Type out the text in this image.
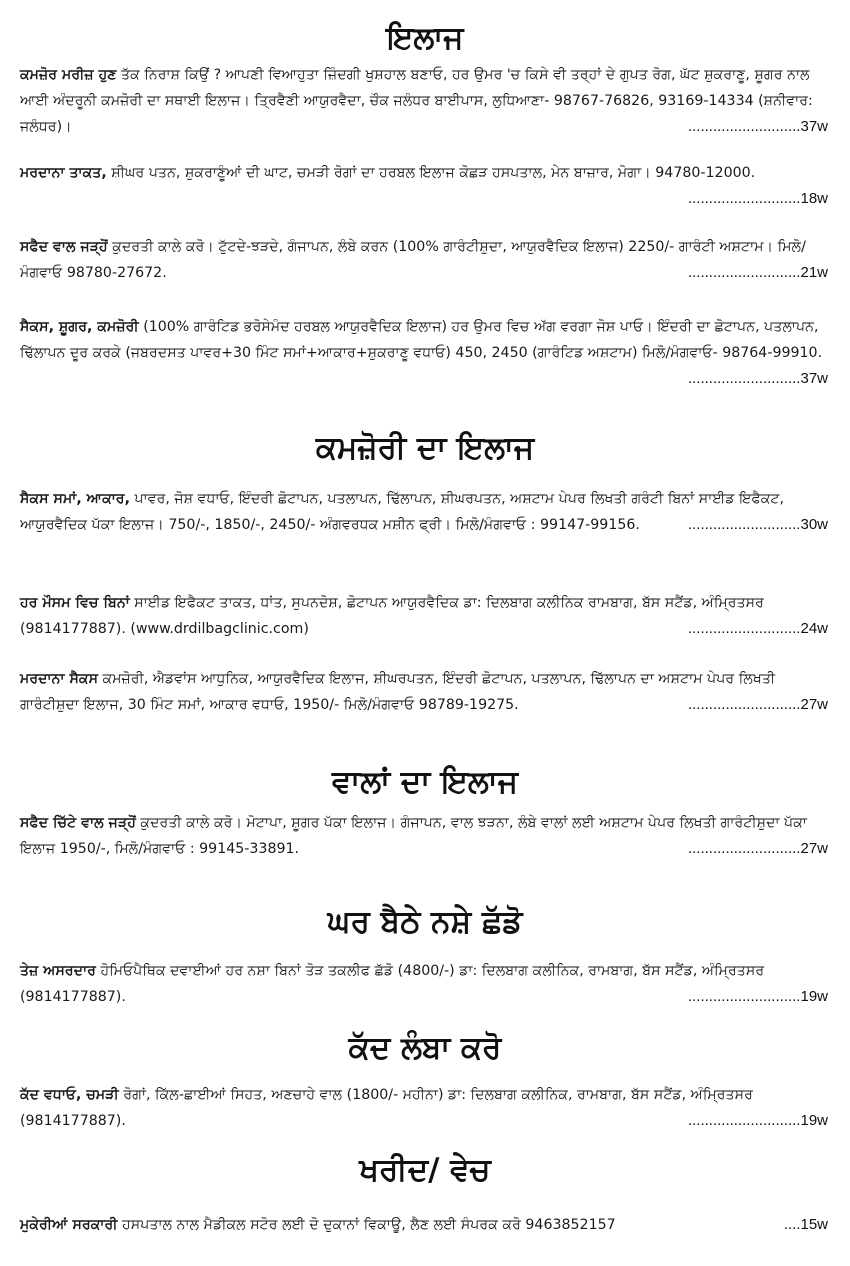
ਇਲਾਜ
ਕਮਜ਼ੋਰ ਮਰੀਜ਼ ਹੁਣ ਤੱਕ ਨਿਰਾਸ਼ ਕਿਉਂ ? ਆਪਣੀ ਵਿਆਹੁਤਾ ਜ਼ਿੰਦਗੀ ਖੁਸ਼ਹਾਲ ਬਣਾਓ, ਹਰ ਉਮਰ 'ਚ ਕਿਸੇ ਵੀ ਤਰ੍ਹਾਂ ਦੇ ਗੁਪਤ ਰੋਗ, ਘੱਟ ਸ਼ੁਕਰਾਣੂ, ਸ਼ੂਗਰ ਨਾਲ ਆਈ ਅੰਦਰੂਨੀ ਕਮਜ਼ੋਰੀ ਦਾ ਸਥਾਈ ਇਲਾਜ। ਤ੍ਰਿਵੈਣੀ ਆਯੁਰਵੈਦਾ, ਚੌਕ ਜਲੰਧਰ ਬਾਈਪਾਸ, ਲੁਧਿਆਣਾ- 98767-76826, 93169-14334 (ਸ਼ਨੀਵਾਰ: ਜਲੰਧਰ)।	...........................37w
ਮਰਦਾਨਾ ਤਾਕਤ, ਸ਼ੀਘਰ ਪਤਨ, ਸ਼ੁਕਰਾਣੂੰਆਂ ਦੀ ਘਾਟ, ਚਮੜੀ ਰੋਗਾਂ ਦਾ ਹਰਬਲ ਇਲਾਜ ਕੋਛੜ ਹਸਪਤਾਲ, ਮੇਨ ਬਾਜ਼ਾਰ, ਮੋਗਾ। 94780-12000.
...........................18w
ਸਫੈਦ ਵਾਲ ਜੜ੍ਹੋਂ ਕੁਦਰਤੀ ਕਾਲੇ ਕਰੋ। ਟੁੱਟਦੇ-ਝੜਦੇ, ਗੰਜਾਪਨ, ਲੰਬੇ ਕਰਨ (100% ਗਾਰੰਟੀਸ਼ੁਦਾ, ਆਯੁਰਵੈਦਿਕ ਇਲਾਜ) 2250/- ਗਾਰੰਟੀ ਅਸ਼ਟਾਮ। ਮਿਲੋ/ਮੰਗਵਾਓ 98780-27672.	...........................21w
ਸੈਕਸ, ਸ਼ੂਗਰ, ਕਮਜ਼ੋਰੀ (100% ਗਾਰੰਟਿਡ ਭਰੋਸੇਮੰਦ ਹਰਬਲ ਆਯੁਰਵੈਦਿਕ ਇਲਾਜ) ਹਰ ਉਮਰ ਵਿਚ ਅੱਗ ਵਰਗਾ ਜੋਸ਼ ਪਾਓ। ਇੰਦਰੀ ਦਾ ਛੋਟਾਪਨ, ਪਤਲਾਪਨ, ਢਿੱਲਾਪਨ ਦੂਰ ਕਰਕੇ (ਜਬਰਦਸਤ ਪਾਵਰ+30 ਮਿੰਟ ਸਮਾਂ+ਆਕਾਰ+ਸ਼ੁਕਰਾਣੂ ਵਧਾਓ) 450, 2450 (ਗਾਰੰਟਿਡ ਅਸ਼ਟਾਮ) ਮਿਲੋ/ਮੰਗਵਾਓ- 98764-99910.
...........................37w
ਕਮਜ਼ੋਰੀ ਦਾ ਇਲਾਜ
ਸੈਕਸ ਸਮਾਂ, ਆਕਾਰ, ਪਾਵਰ, ਜੋਸ਼ ਵਧਾਓ, ਇੰਦਰੀ ਛੋਟਾਪਨ, ਪਤਲਾਪਨ, ਢਿੱਲਾਪਨ, ਸ਼ੀਘਰਪਤਨ, ਅਸ਼ਟਾਮ ਪੇਪਰ ਲਿਖਤੀ ਗਰੰਟੀ ਬਿਨਾਂ ਸਾਈਡ ਇਫੈਕਟ, ਆਯੁਰਵੈਦਿਕ ਪੱਕਾ ਇਲਾਜ। 750/-, 1850/-, 2450/- ਅੰਗਵਰਧਕ ਮਸ਼ੀਨ ਫ੍ਰੀ। ਮਿਲੋ/ਮੰਗਵਾਓ : 99147-99156.	...........................30w
ਹਰ ਮੌਸਮ ਵਿਚ ਬਿਨਾਂ ਸਾਈਡ ਇਫੈਕਟ ਤਾਕਤ, ਧਾਂਤ, ਸੁਪਨਦੋਸ਼, ਛੋਟਾਪਨ ਆਯੁਰਵੈਦਿਕ ਡਾ: ਦਿਲਬਾਗ ਕਲੀਨਿਕ ਰਾਮਬਾਗ, ਬੱਸ ਸਟੈਂਡ, ਅੰਮ੍ਰਿਤਸਰ (9814177887). (www.drdilbagclinic.com)	...........................24w
ਮਰਦਾਨਾ ਸੈਕਸ ਕਮਜ਼ੋਰੀ, ਐਡਵਾਂਸ ਆਧੁਨਿਕ, ਆਯੁਰਵੈਦਿਕ ਇਲਾਜ, ਸ਼ੀਘਰਪਤਨ, ਇੰਦਰੀ ਛੋਟਾਪਨ, ਪਤਲਾਪਨ, ਢਿੱਲਾਪਨ ਦਾ ਅਸ਼ਟਾਮ ਪੇਪਰ ਲਿਖਤੀ ਗਾਰੰਟੀਸ਼ੁਦਾ ਇਲਾਜ, 30 ਮਿੰਟ ਸਮਾਂ, ਆਕਾਰ ਵਧਾਓ, 1950/- ਮਿਲੋ/ਮੰਗਵਾਓ 98789-19275.	...........................27w
ਵਾਲਾਂ ਦਾ ਇਲਾਜ
ਸਫੈਦ ਚਿੱਟੇ ਵਾਲ ਜੜ੍ਹੋਂ ਕੁਦਰਤੀ ਕਾਲੇ ਕਰੋ। ਮੋਟਾਪਾ, ਸ਼ੂਗਰ ਪੱਕਾ ਇਲਾਜ। ਗੰਜਾਪਨ, ਵਾਲ ਝੜਨਾ, ਲੰਬੇ ਵਾਲਾਂ ਲਈ ਅਸ਼ਟਾਮ ਪੇਪਰ ਲਿਖਤੀ ਗਾਰੰਟੀਸ਼ੁਦਾ ਪੱਕਾ ਇਲਾਜ 1950/-, ਮਿਲੋ/ਮੰਗਵਾਓ : 99145-33891.	...........................27w
ਘਰ ਬੈਠੇ ਨਸ਼ੇ ਛੱਡੋ
ਤੇਜ਼ ਅਸਰਦਾਰ ਹੋਮਿਓਪੈਥਿਕ ਦਵਾਈਆਂ ਹਰ ਨਸ਼ਾ ਬਿਨਾਂ ਤੋੜ ਤਕਲੀਫ ਛੱਡੋ (4800/-) ਡਾ: ਦਿਲਬਾਗ ਕਲੀਨਿਕ, ਰਾਮਬਾਗ, ਬੱਸ ਸਟੈਂਡ, ਅੰਮ੍ਰਿਤਸਰ (9814177887).	...........................19w
ਕੱਦ ਲੰਬਾ ਕਰੋ
ਕੱਦ ਵਧਾਓ, ਚਮੜੀ ਰੋਗਾਂ, ਕਿੱਲ-ਛਾਈਆਂ ਸਿਹਤ, ਅਣਚਾਹੇ ਵਾਲ (1800/- ਮਹੀਨਾ) ਡਾ: ਦਿਲਬਾਗ ਕਲੀਨਿਕ, ਰਾਮਬਾਗ, ਬੱਸ ਸਟੈਂਡ, ਅੰਮ੍ਰਿਤਸਰ (9814177887).	...........................19w
ਖਰੀਦ/ ਵੇਚ
ਮੁਕੇਰੀਆਂ ਸਰਕਾਰੀ ਹਸਪਤਾਲ ਨਾਲ ਮੈਡੀਕਲ ਸਟੋਰ ਲਈ ਦੋ ਦੁਕਾਨਾਂ ਵਿਕਾਊ, ਲੈਣ ਲਈ ਸੰਪਰਕ ਕਰੋ 9463852157	....15w
